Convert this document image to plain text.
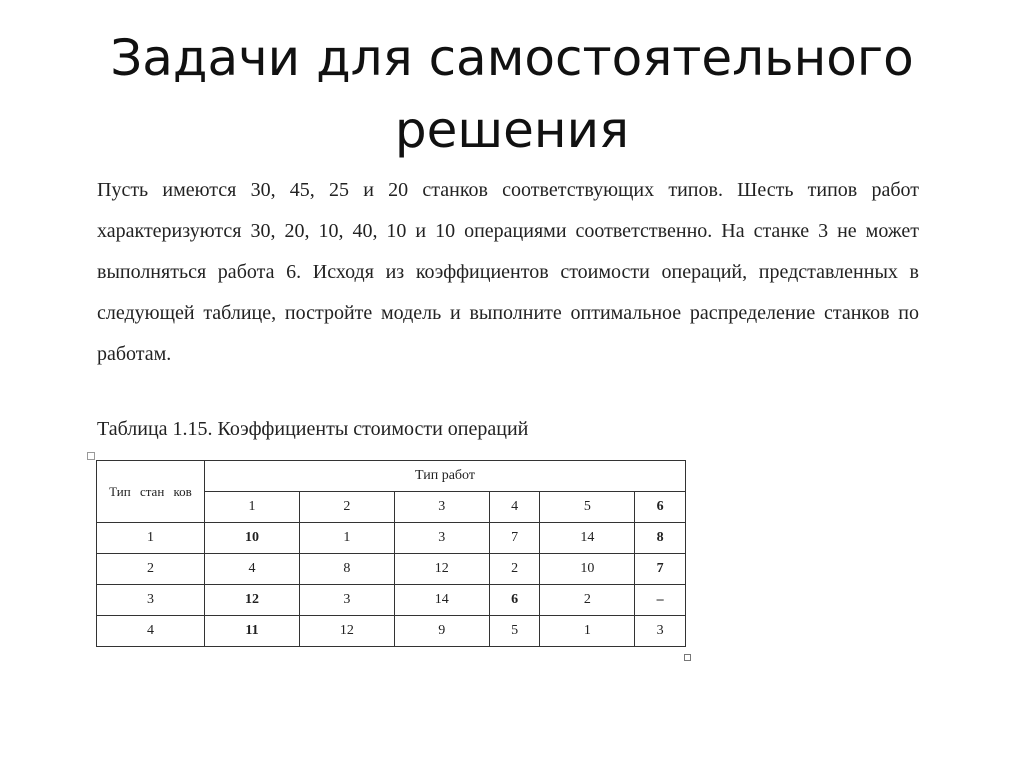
Задачи для самостоятельного
решения
Пусть имеются 30, 45, 25 и 20 станков соответствующих типов. Шесть типов работ характеризуются 30, 20, 10, 40, 10 и 10 операциями соответственно. На станке 3 не может выполняться работа 6. Исходя из коэффициентов стоимости операций, представленных в следующей таблице, постройте модель и выполните оптимальное распределение станков по работам.
Таблица 1.15. Коэффициенты стоимости операций
Тип стан ков	Тип работ					
	1	2	3	4	5	6
1	10	1	3	7	14	8
2	4	8	12	2	10	7
3	12	3	14	6	2	–
4	11	12	9	5	1	3
